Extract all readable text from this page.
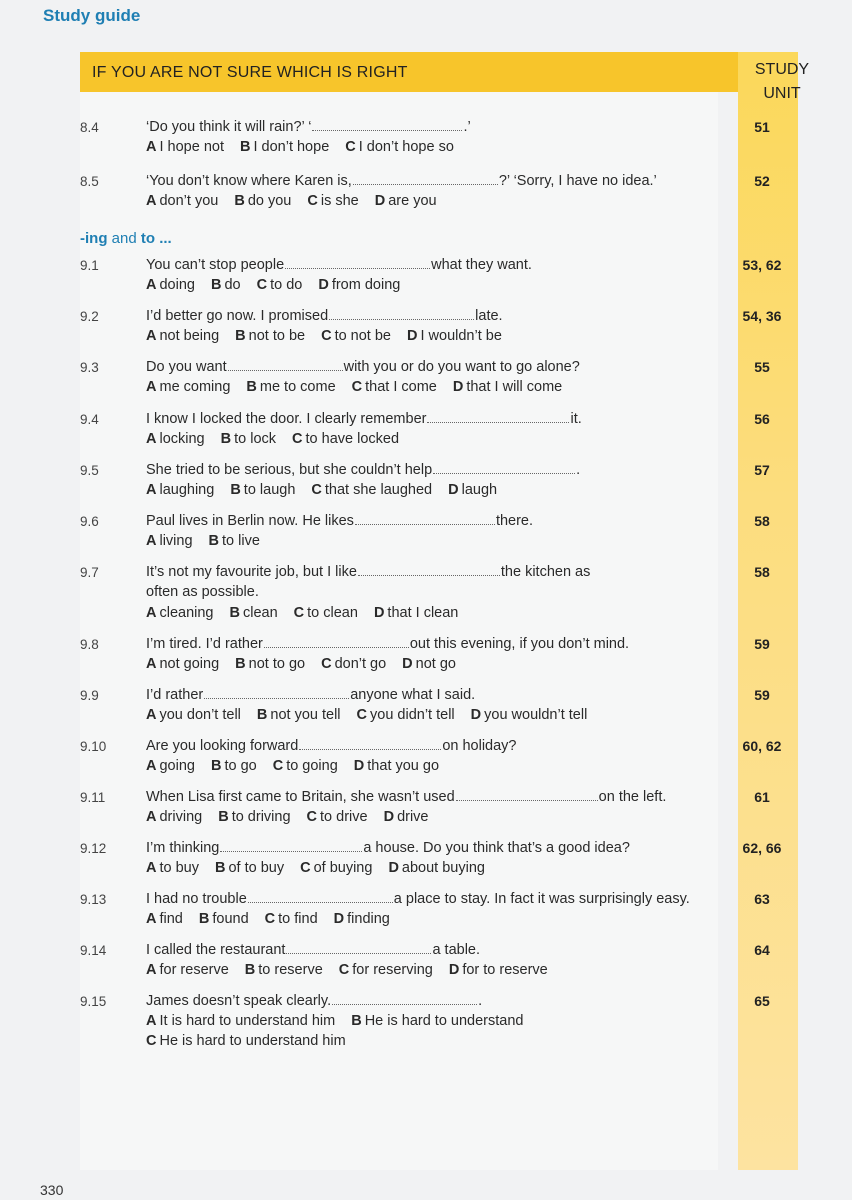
Study guide
IF YOU ARE NOT SURE WHICH IS RIGHT	STUDY
UNIT
-ing and to ...
8.4	‘Do you think it will rain?’ ‘	.’
A I hope not B I don’t hope C I don’t hope so
51
8.5	‘You don’t know where Karen is,	?’ ‘Sorry, I have no idea.’
A don’t you B do you C is she D are you
52
9.1	You can’t stop people	what they want.
A doing B do C to do D from doing
53, 62
9.2	I’d better go now. I promised	late.
A not being B not to be C to not be D I wouldn’t be
54, 36
9.3	Do you want	with you or do you want to go alone?
A me coming B me to come C that I come D that I will come
55
9.4	I know I locked the door. I clearly remember	it.
A locking B to lock C to have locked
56
9.5	She tried to be serious, but she couldn’t help	.
A laughing B to laugh C that she laughed D laugh
57
9.6	Paul lives in Berlin now. He likes	there.
A living B to live
58
9.7	It’s not my favourite job, but I like	the kitchen as
often as possible.
A cleaning B clean C to clean D that I clean
58
9.8	I’m tired. I’d rather	out this evening, if you don’t mind.
A not going B not to go C don’t go D not go
59
9.9	I’d rather	anyone what I said.
A you don’t tell B not you tell C you didn’t tell D you wouldn’t tell
59
9.10	Are you looking forward	on holiday?
A going B to go C to going D that you go
60, 62
9.11	When Lisa first came to Britain, she wasn’t used	on the left.
A driving B to driving C to drive D drive
61
9.12	I’m thinking	a house. Do you think that’s a good idea?
A to buy B of to buy C of buying D about buying
62, 66
9.13	I had no trouble	a place to stay. In fact it was surprisingly easy.
A find B found C to find D finding
63
9.14	I called the restaurant	a table.
A for reserve B to reserve C for reserving D for to reserve
64
9.15	James doesn’t speak clearly.	.
A It is hard to understand him B He is hard to understand
C He is hard to understand him
65
330
